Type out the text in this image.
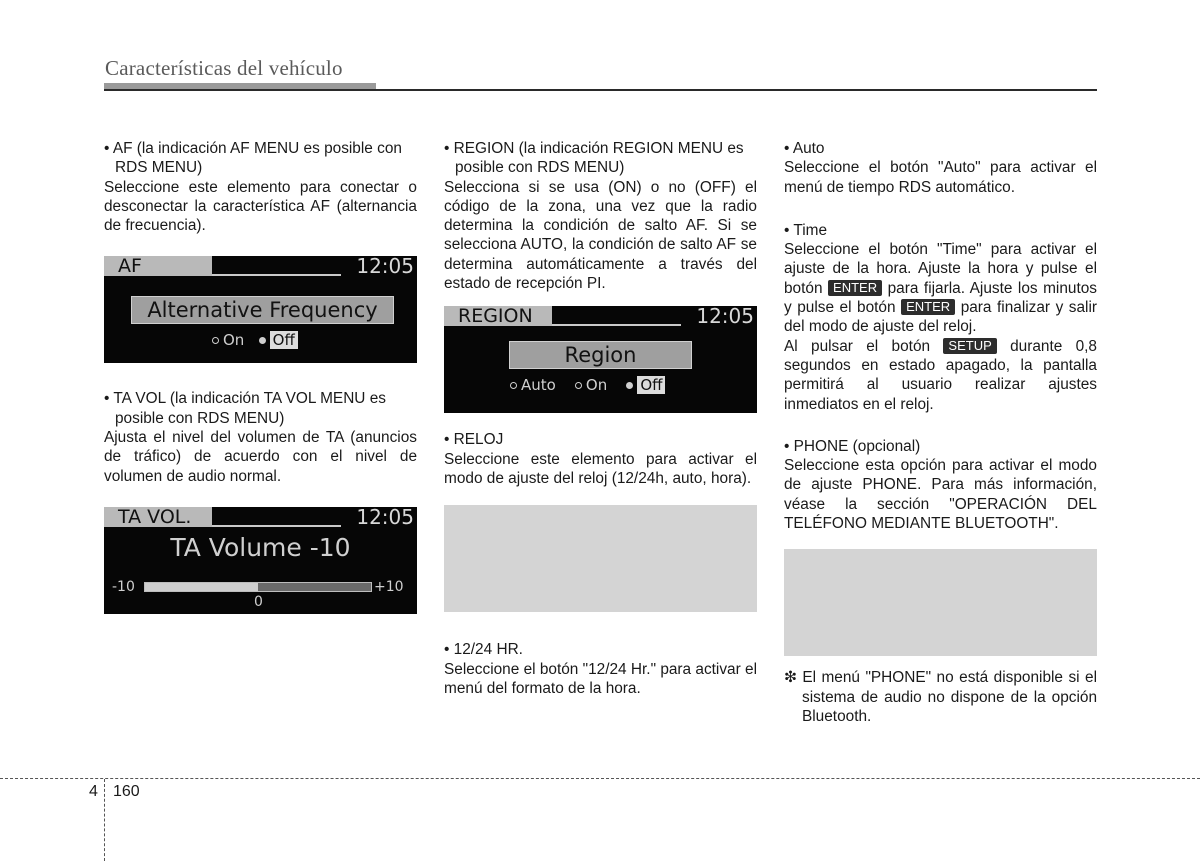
Características del vehículo

• AF (la indicación AF MENU es posible con RDS MENU)

Seleccione este elemento para conectar o desconectar la característica AF (alternancia de frecuencia).

AF	12:05
Alternative Frequency
On Off

• TA VOL (la indicación TA VOL MENU es posible con RDS MENU)

Ajusta el nivel del volumen de TA (anuncios de tráfico) de acuerdo con el nivel de volumen de audio normal.

TA VOL.	12:05
TA Volume -10
-10	+10
0

• REGION (la indicación REGION MENU es posible con RDS MENU)

Selecciona si se usa (ON) o no (OFF) el código de la zona, una vez que la radio determina la condición de salto AF. Si se selecciona AUTO, la condición de salto AF se determina automáticamente a través del estado de recepción PI.

REGION	12:05
Region
Auto On Off

• RELOJ

Seleccione este elemento para activar el modo de ajuste del reloj (12/24h, auto, hora).

• 12/24 HR.

Seleccione el botón "12/24 Hr." para activar el menú del formato de la hora.

• Auto

Seleccione el botón "Auto" para activar el menú de tiempo RDS automático.

• Time

Seleccione el botón "Time" para activar el ajuste de la hora. Ajuste la hora y pulse el botón ENTER para fijarla. Ajuste los minutos y pulse el botón ENTER para finalizar y salir del modo de ajuste del reloj.

Al pulsar el botón SETUP durante 0,8 segundos en estado apagado, la pantalla permitirá al usuario realizar ajustes inmediatos en el reloj.

• PHONE (opcional)

Seleccione esta opción para activar el modo de ajuste PHONE. Para más información, véase la sección "OPERACIÓN DEL TELÉFONO MEDIANTE BLUETOOTH".

❇ El menú "PHONE" no está disponible si el sistema de audio no dispone de la opción Bluetooth.

4 160
